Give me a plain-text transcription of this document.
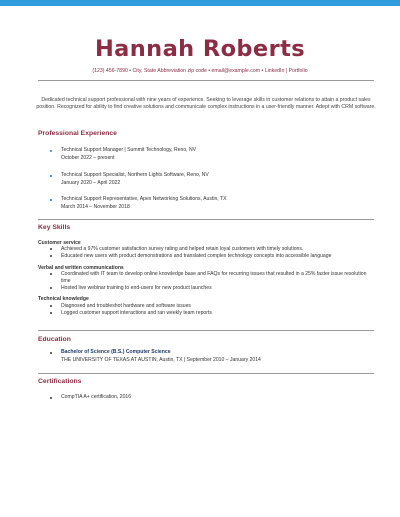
Hannah Roberts
(123) 456-7890 • City, State Abbreviation zip code • email@example.com • LinkedIn | Portfolio
Dedicated technical support professional with nine years of experience. Seeking to leverage skills in customer relations to attain a product sales position. Recognized for ability to find creative solutions and communicate complex instructions in a user-friendly manner. Adept with CRM software.
Professional Experience
Technical Support Manager | Summit Technology, Reno, NV
October 2022 – present
Technical Support Specialist, Northern Lights Software, Reno, NV
January 2020 – April 2022
Technical Support Representative, Apex Networking Solutions, Austin, TX
March 2014 – November 2018
Key Skills
Customer service
Achieved a 97% customer satisfaction survey rating and helped retain loyal customers with timely solutions.
Educated new users with product demonstrations and translated complex technology concepts into accessible language
Verbal and written communications
Coordinated with IT team to develop online knowledge base and FAQs for recurring issues that resulted in a 25% faster issue resolution time
Hosted live webinar training to end-users for new product launches
Technical knowledge
Diagnosed and troubleshot hardware and software issues
Logged customer support interactions and ran weekly team reports
Education
Bachelor of Science (B.S.) Computer Science
THE UNIVERSITY OF TEXAS AT AUSTIN, Austin, TX | September 2010 – January 2014
Certifications
CompTIA A+ certification, 2016
